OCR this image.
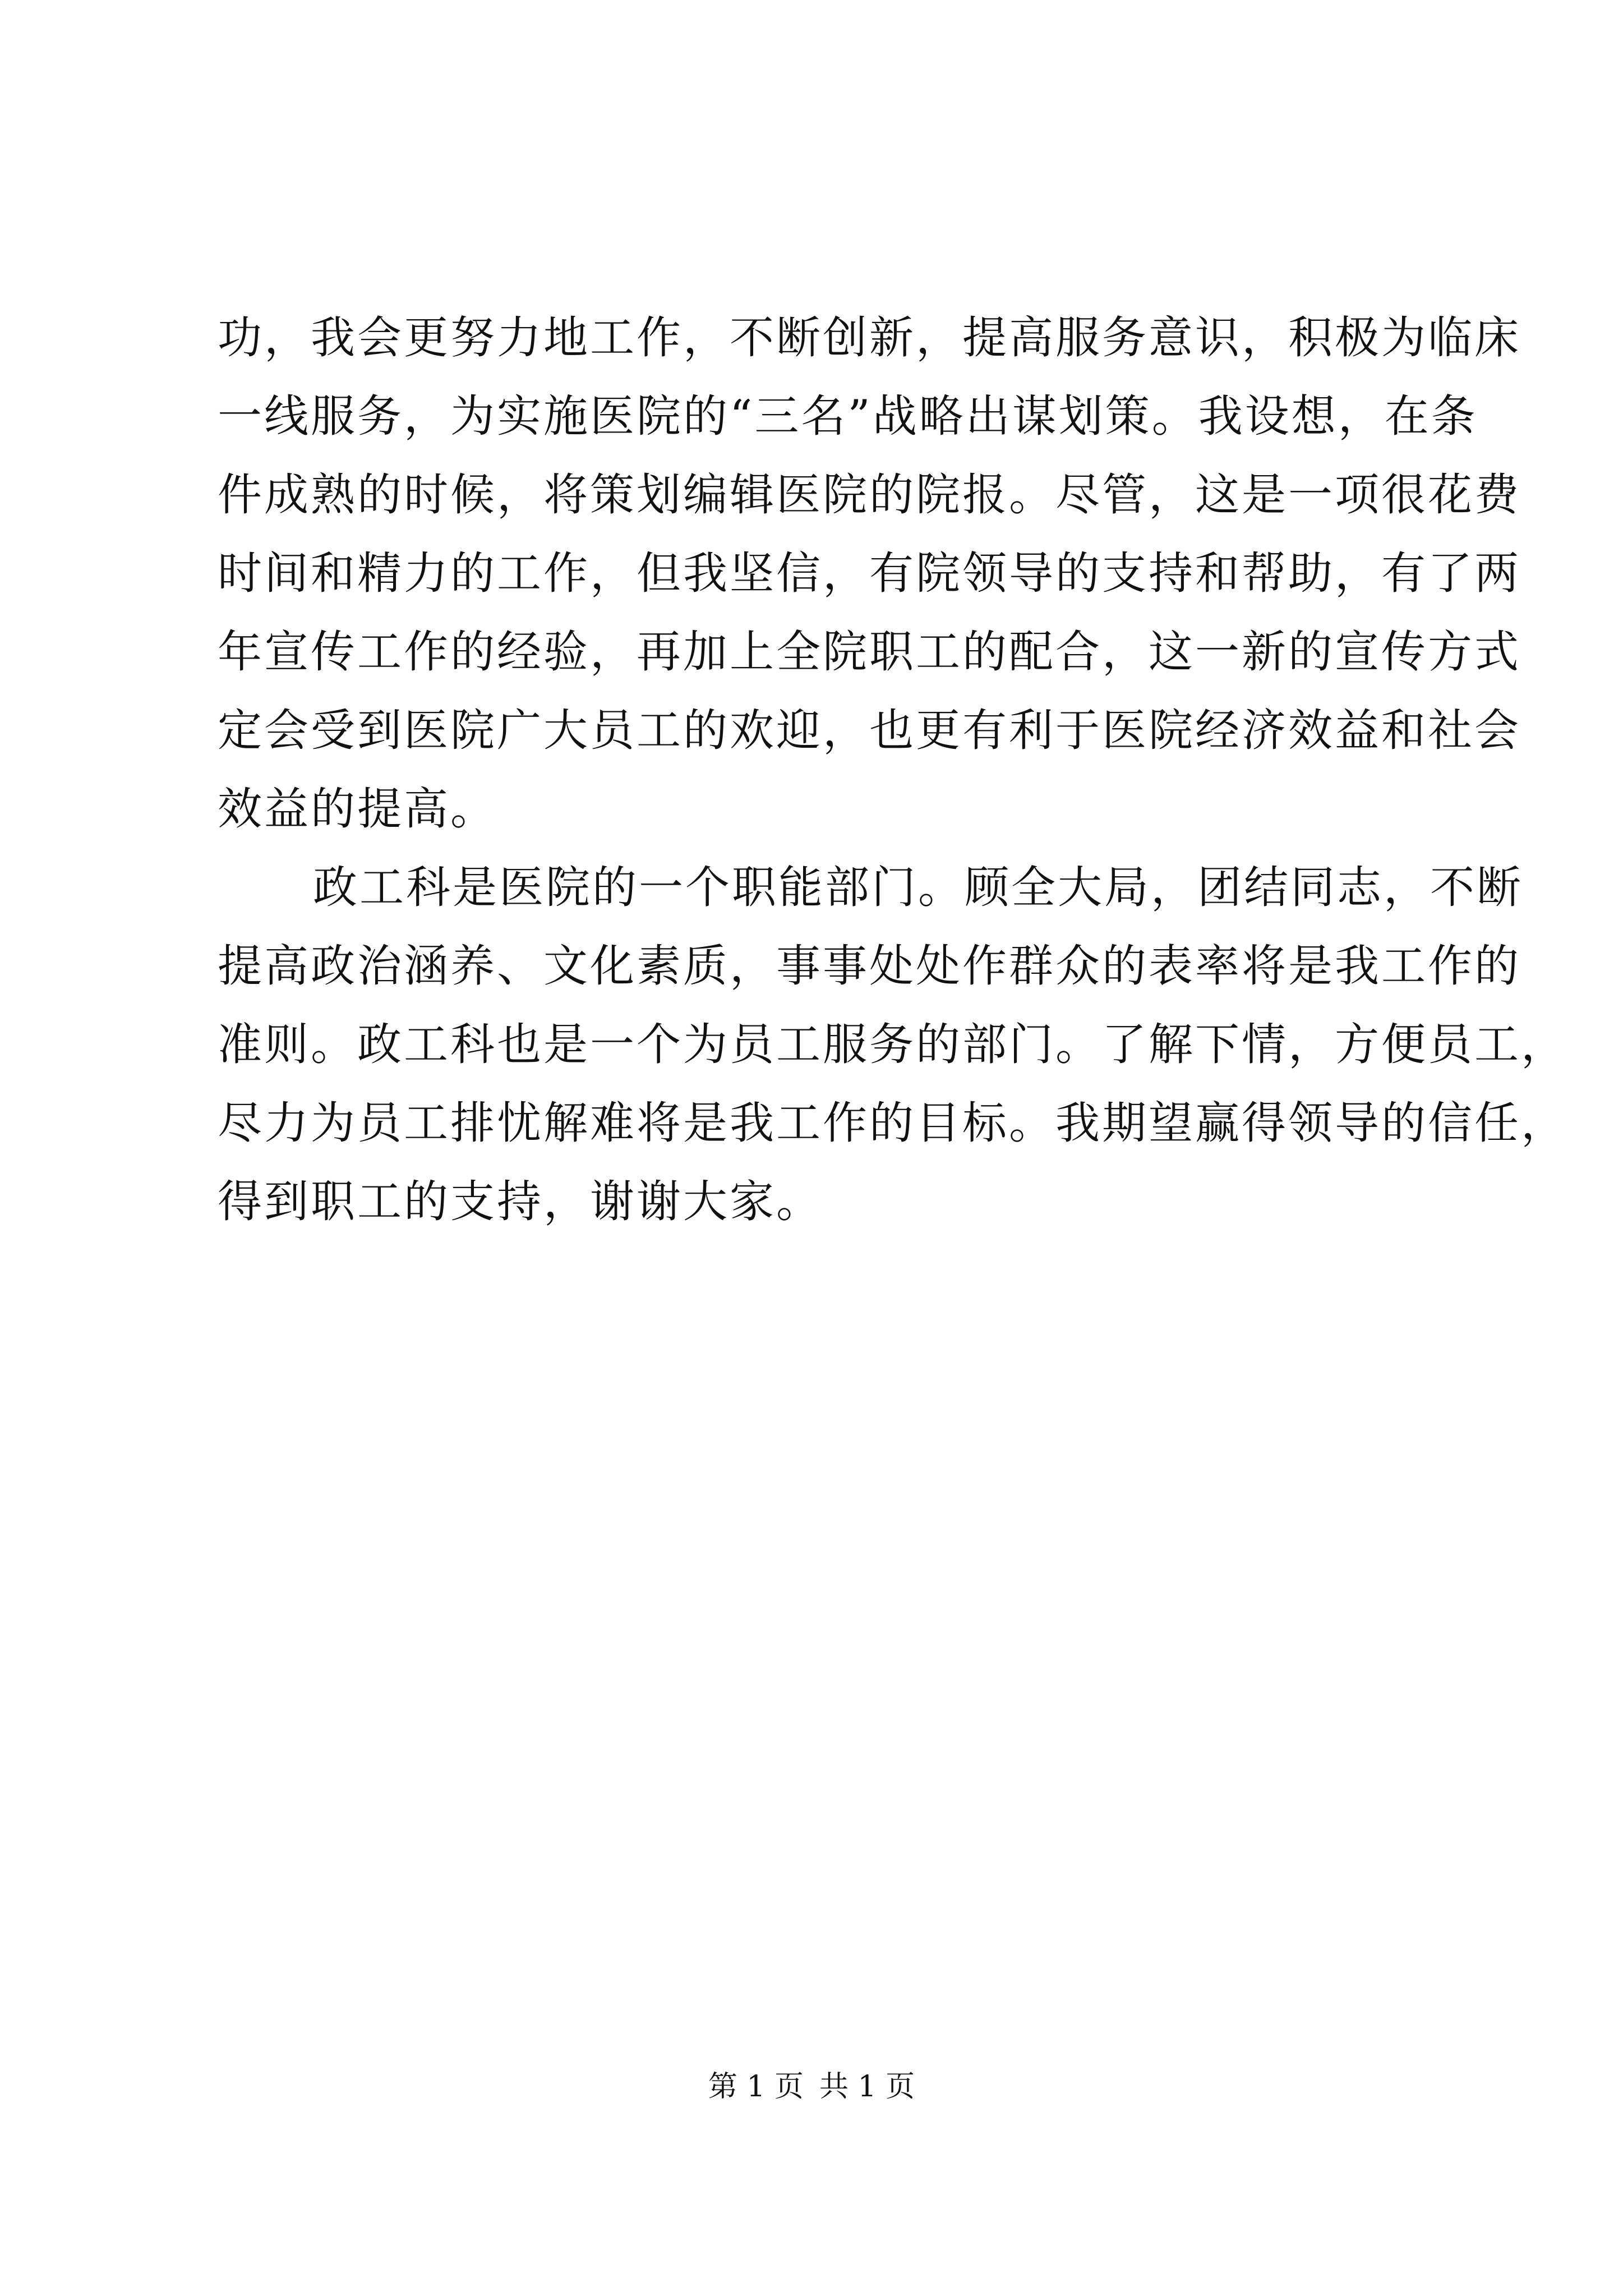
功，我会更努力地工作，不断创新，提高服务意识，积极为临床
一线服务，为实施医院的“三名”战略出谋划策。我设想，在条
件成熟的时候，将策划编辑医院的院报。尽管，这是一项很花费
时间和精力的工作，但我坚信，有院领导的支持和帮助，有了两
年宣传工作的经验，再加上全院职工的配合，这一新的宣传方式
定会受到医院广大员工的欢迎，也更有利于医院经济效益和社会
效益的提高。
政工科是医院的一个职能部门。顾全大局，团结同志，不断
提高政治涵养、文化素质，事事处处作群众的表率将是我工作的
准则。政工科也是一个为员工服务的部门。了解下情，方便员工，
尽力为员工排忧解难将是我工作的目标。我期望赢得领导的信任，
得到职工的支持，谢谢大家。
第 1 页 共 1 页
